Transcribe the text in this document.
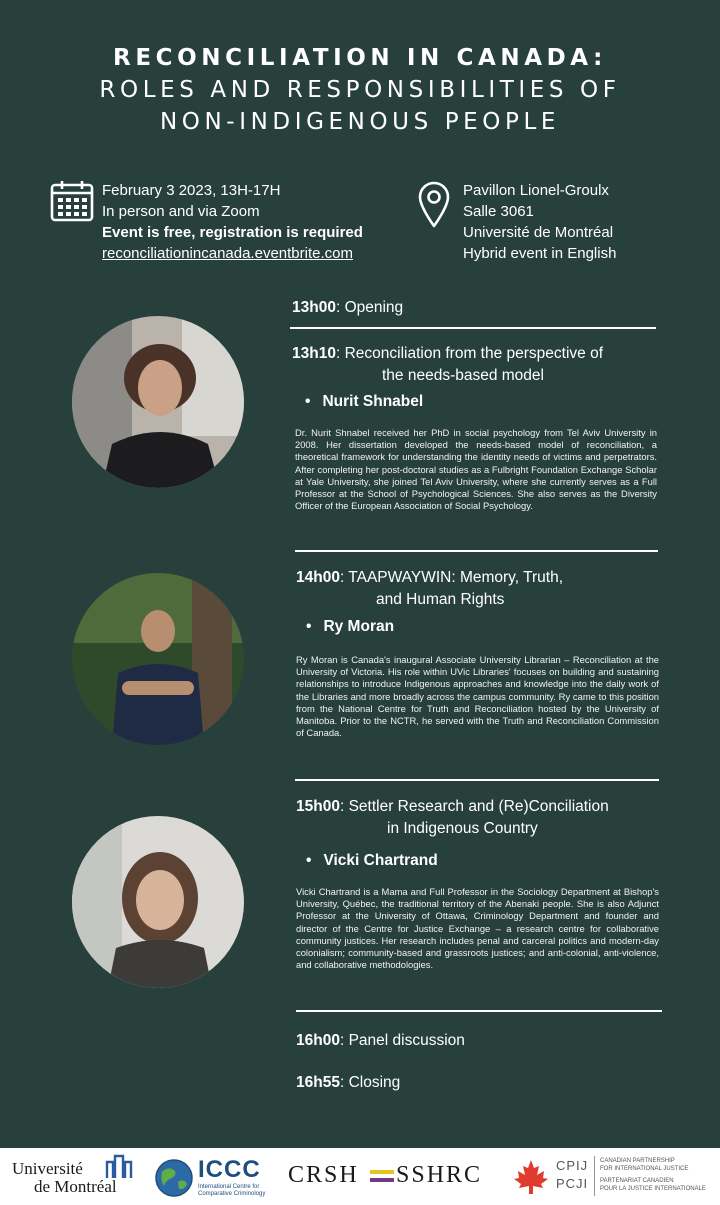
RECONCILIATION IN CANADA:
ROLES AND RESPONSIBILITIES OF
NON-INDIGENOUS PEOPLE
February 3 2023, 13H-17H
In person and via Zoom
Event is free, registration is required
reconciliationincanada.eventbrite.com
Pavillon Lionel-Groulx
Salle 3061
Université de Montréal
Hybrid event in English
13h00: Opening
13h10: Reconciliation from the perspective of
the needs-based model
• Nurit Shnabel
Dr. Nurit Shnabel received her PhD in social psychology from Tel Aviv University in 2008. Her dissertation developed the needs-based model of reconciliation, a theoretical framework for understanding the identity needs of victims and perpetrators. After completing her post-doctoral studies as a Fulbright Foundation Exchange Scholar at Yale University, she joined Tel Aviv University, where she currently serves as a Full Professor at the School of Psychological Sciences. She also serves as the Diversity Officer of the European Association of Social Psychology.
14h00: TAAPWAYWIN: Memory, Truth,
and Human Rights
• Ry Moran
Ry Moran is Canada's inaugural Associate University Librarian – Reconciliation at the University of Victoria. His role within UVic Libraries' focuses on building and sustaining relationships to introduce Indigenous approaches and knowledge into the daily work of the Libraries and more broadly across the campus community. Ry came to this position from the National Centre for Truth and Reconciliation hosted by the University of Manitoba. Prior to the NCTR, he served with the Truth and Reconciliation Commission of Canada.
15h00: Settler Research and (Re)Conciliation
in Indigenous Country
• Vicki Chartrand
Vicki Chartrand is a Mama and Full Professor in the Sociology Department at Bishop's University, Québec, the traditional territory of the Abenaki people. She is also Adjunct Professor at the University of Ottawa, Criminology Department and founder and director of the Centre for Justice Exchange – a research centre for collaborative community justices. Her research includes penal and carceral politics and modern-day colonialism; community-based and grassroots justices; and anti-colonial, anti-violence, and collaborative methodologies.
16h00: Panel discussion
16h55: Closing
Université
de Montréal
ICCC
International Centre for
Comparative Criminology
CRSH SSHRC	CPIJ
PCJI
CANADIAN PARTNERSHIP
FOR INTERNATIONAL JUSTICE
PARTENARIAT CANADIEN
POUR LA JUSTICE INTERNATIONALE
